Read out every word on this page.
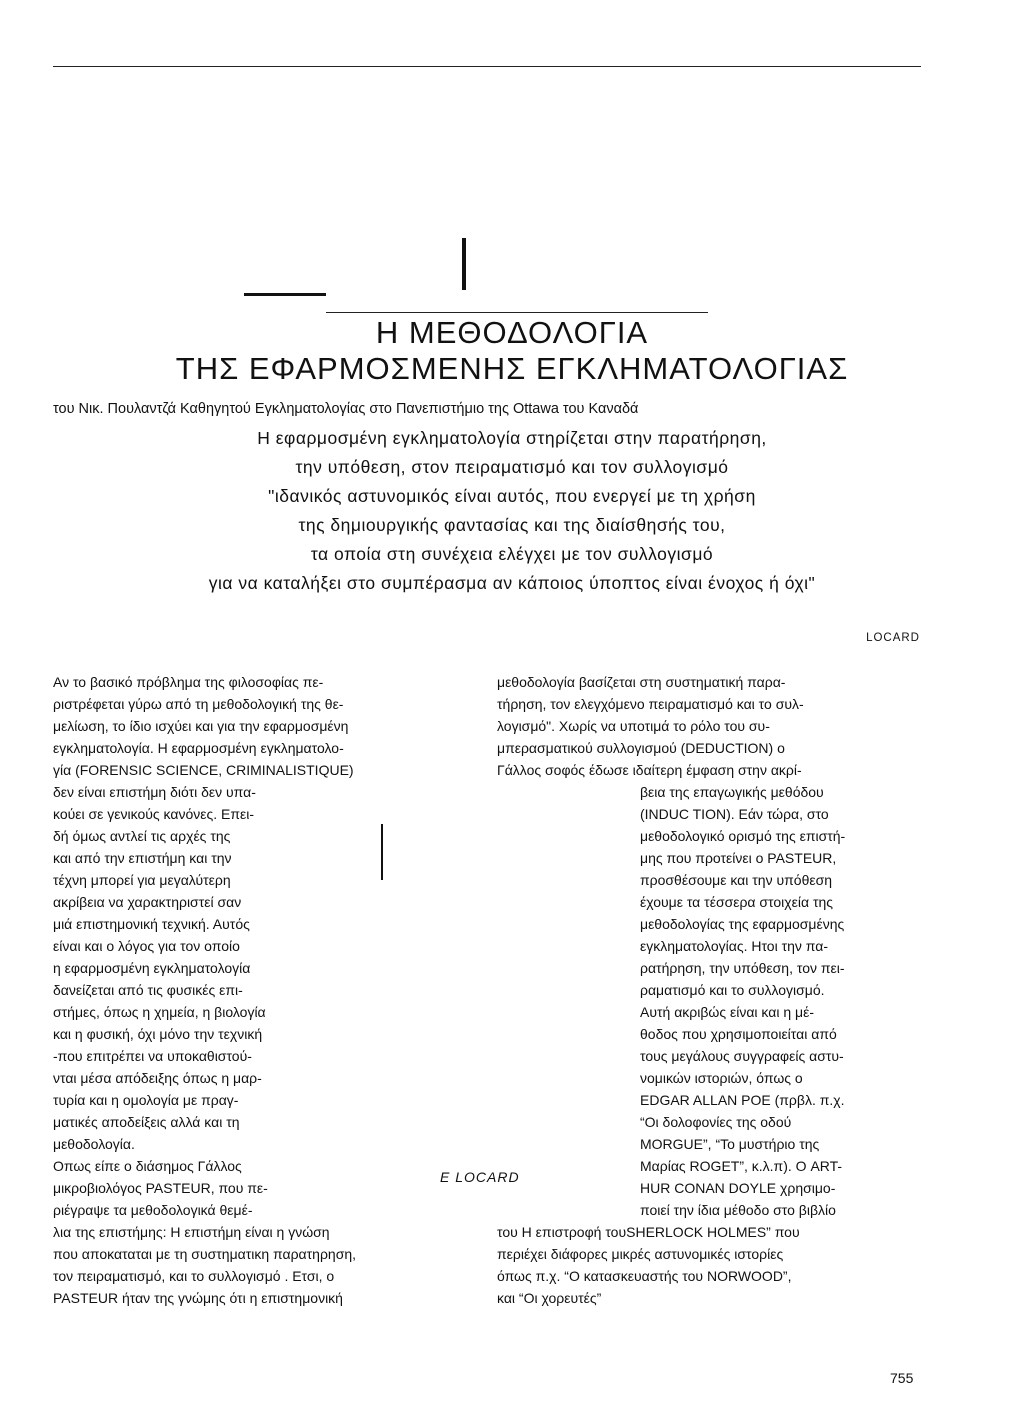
Η ΜΕΘΟΔΟΛΟΓΙΑ
ΤΗΣ ΕΦΑΡΜΟΣΜΕΝΗΣ ΕΓΚΛΗΜΑΤΟΛΟΓΙΑΣ
του Νικ. Πουλαντζά Καθηγητού Εγκληματολογίας στο Πανεπιστήμιο της Ottawa του Καναδά
Η εφαρμοσμένη εγκληματολογία στηρίζεται στην παρατήρηση,
την υπόθεση, στον πειραματισμό και τον συλλογισμό
"ιδανικός αστυνομικός είναι αυτός, που ενεργεί με τη χρήση
της δημιουργικής φαντασίας και της διαίσθησής του,
τα οποία στη συνέχεια ελέγχει με τον συλλογισμό
για να καταλήξει στο συμπέρασμα αν κάποιος ύποπτος είναι ένοχος ή όχι"
LOCARD
Αν το βασικό πρόβλημα της φιλοσοφίας πε-
ριστρέφεται γύρω από τη μεθοδολογική της θε-
μελίωση, το ίδιο ισχύει και για την εφαρμοσμένη
εγκληματολογία. Η εφαρμοσμένη εγκληματολο-
γία (FORENSIC SCIENCE, CRIMINALISTIQUE)
δεν είναι επιστήμη διότι δεν υπα-
κούει σε γενικούς κανόνες. Επει-
δή όμως αντλεί τις αρχές της
και από την επιστήμη και την
τέχνη μπορεί για μεγαλύτερη
ακρίβεια να χαρακτηριστεί σαν
μιά επιστημονική τεχνική. Αυτός
είναι και ο λόγος για τον οποίο
η εφαρμοσμένη εγκληματολογία
δανείζεται από τις φυσικές επι-
στήμες, όπως η χημεία, η βιολογία
και η φυσική, όχι μόνο την τεχνική
-που επιτρέπει να υποκαθιστού-
νται μέσα απόδειξης όπως η μαρ-
τυρία και η ομολογία με πραγ-
ματικές αποδείξεις αλλά και τη
μεθοδολογία.
Οπως είπε ο διάσημος Γάλλος
μικροβιολόγος PASTEUR, που πε-
ριέγραψε τα μεθοδολογικά θεμέ-
λια της επιστήμης: Η επιστήμη είναι η γνώση
που αποκαταται με τη συστηματικη παρατηρηση,
τον πειραματισμό, και το συλλογισμό . Ετσι, ο
PASTEUR ήταν της γνώμης ότι η επιστημονική
E LOCARD
μεθοδολογία βασίζεται στη συστηματική παρα-
τήρηση, τον ελεγχόμενο πειραματισμό και το συλ-
λογισμό". Χωρίς να υποτιμά το ρόλο του συ-
μπερασματικού συλλογισμού (DEDUCTION) ο
Γάλλος σοφός έδωσε ιδαίτερη έμφαση στην ακρί-
βεια της επαγωγικής μεθόδου
(INDUC TION). Εάν τώρα, στο
μεθοδολογικό ορισμό της επιστή-
μης που προτείνει ο PASTEUR,
προσθέσουμε και την υπόθεση
έχουμε τα τέσσερα στοιχεία της
μεθοδολογίας της εφαρμοσμένης
εγκληματολογίας. Ητοι την πα-
ρατήρηση, την υπόθεση, τον πει-
ραματισμό και το συλλογισμό.
Αυτή ακριβώς είναι και η μέ-
θοδος που χρησιμοποιείται από
τους μεγάλους συγγραφείς αστυ-
νομικών ιστοριών, όπως ο
EDGAR ALLAN POE (πρβλ. π.χ.
“Οι δολοφονίες της οδού
MORGUE”, “Το μυστήριο της
Μαρίας ROGET”, κ.λ.π). Ο ART-
HUR CONAN DOYLE χρησιμο-
ποιεί την ίδια μέθοδο στο βιβλίο
του Η επιστροφή τουSHERLOCK HOLMES” που
περιέχει διάφορες μικρές αστυνομικές ιστορίες
όπως π.χ. “Ο κατασκευαστής του NORWOOD”,
και “Οι χορευτές”
755
